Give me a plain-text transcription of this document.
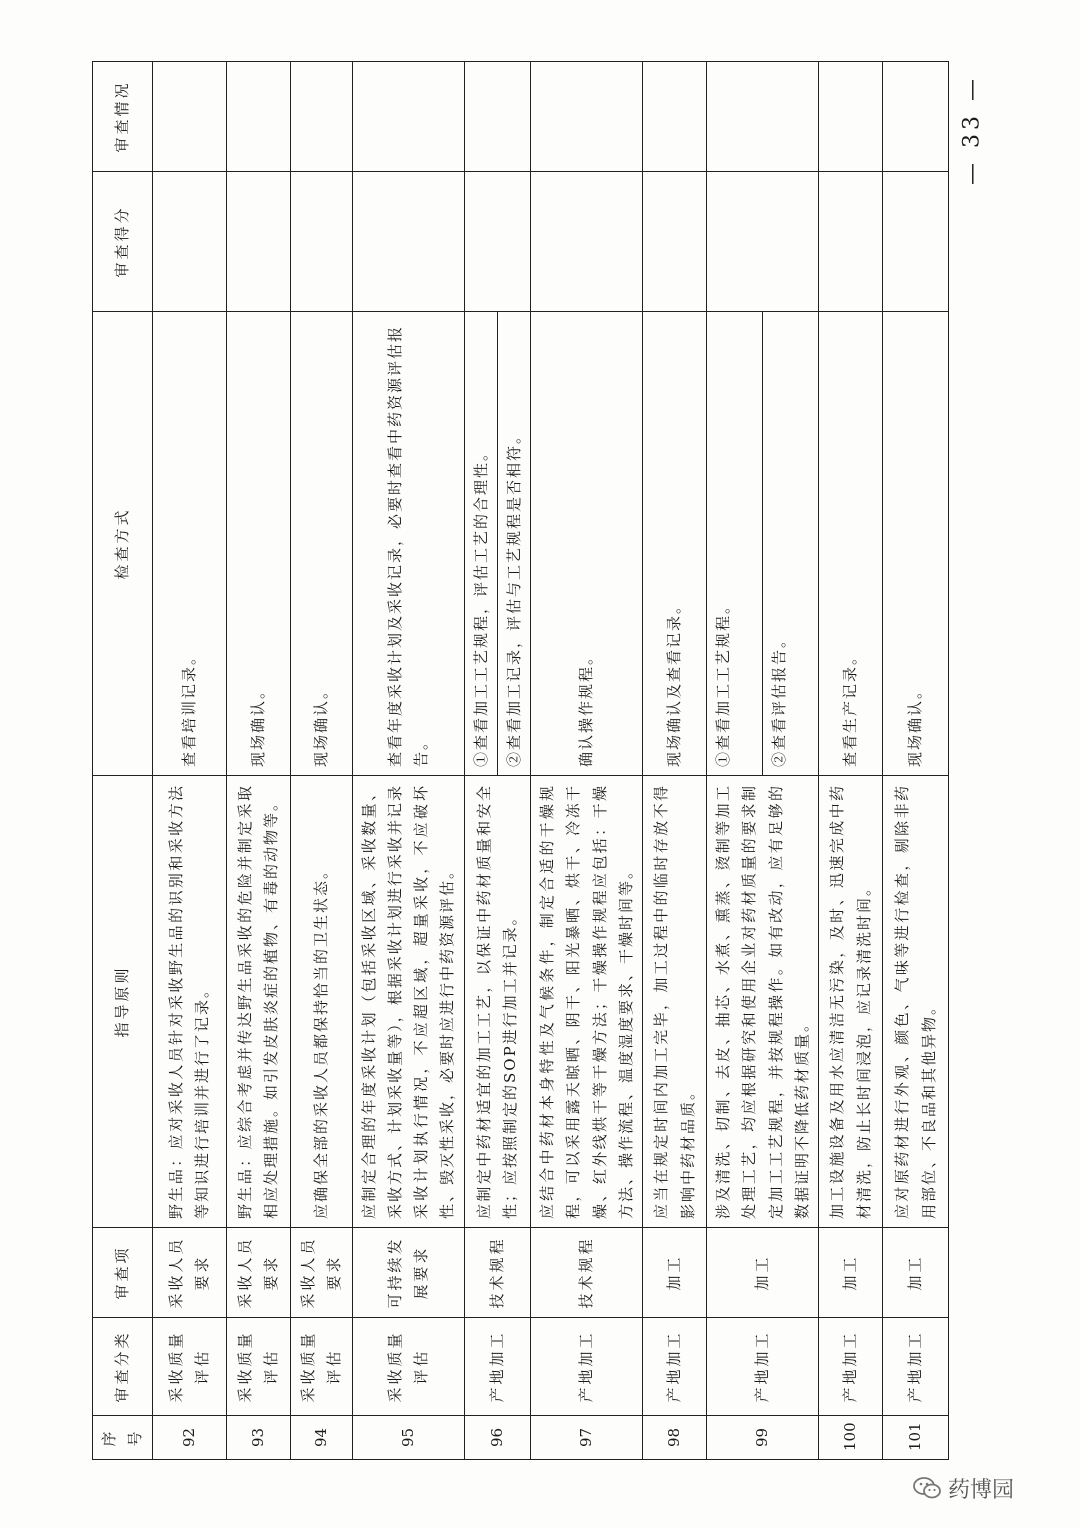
序号	审查分类	审查项	指导原则	检查方式	审查得分	审查情况
92	采收质量评估	采收人员要求	野生品：应对采收人员针对采收野生品的识别和采收方法等知识进行培训并进行了记录。	查看培训记录。		

93	采收质量评估	采收人员要求	野生品：应综合考虑并传达野生品采收的危险并制定采取相应处理措施。如引发皮肤炎症的植物、有毒的动物等。	现场确认。		

94	采收质量评估	采收人员要求	应确保全部的采收人员都保持恰当的卫生状态。	现场确认。		

95	采收质量评估	可持续发展要求	应制定合理的年度采收计划（包括采收区域、采收数量、采收方式、计划采收量等），根据采收计划进行采收并记录采收计划执行情况，不应超区域，超量采收，不应破坏性、毁灭性采收，必要时应进行中药资源评估。	查看年度采收计划及采收记录，必要时查看中药资源评估报告。		

96	产地加工	技术规程	应制定中药材适宜的加工工艺，以保证中药材质量和安全性；应按照制定的SOP进行加工并记录。	①查看加工工艺规程，评估工艺的合理性。 ②查看加工记录，评估与工艺规程是否相符。		

97	产地加工	技术规程	应结合中药材本身特性及气候条件，制定合适的干燥规程，可以采用露天晾晒、阴干、阳光暴晒、烘干、冷冻干燥、红外线烘干等干燥方法；干燥操作规程应包括：干燥方法、操作流程、温度湿度要求、干燥时间等。	确认操作规程。		

98	产地加工	加工	应当在规定时间内加工完毕，加工过程中的临时存放不得影响中药材品质。	现场确认及查看记录。		

99	产地加工	加工	涉及清洗、切制、去皮、抽芯、水煮、熏蒸、烫制等加工处理工艺，均应根据研究和使用企业对药材质量的要求制定加工工艺规程，并按规程操作。如有改动，应有足够的数据证明不降低药材质量。	①查看加工工艺规程。 ②查看评估报告。		

100	产地加工	加工	加工设施设备及用水应清洁无污染，及时、迅速完成中药材清洗，防止长时间浸泡，应记录清洗时间。	查看生产记录。		

101	产地加工	加工	应对原药材进行外观、颜色、气味等进行检查，剔除非药用部位、不良品和其他异物。	现场确认。		

— 33 —
药博园
